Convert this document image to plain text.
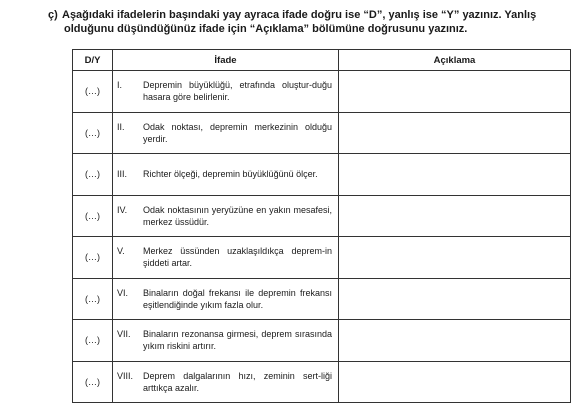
ç) Aşağıdaki ifadelerin başındaki yay ayraca ifade doğru ise “D”, yanlış ise “Y” yazınız. Yanlış
olduğunu düşündüğünüz ifade için “Açıklama” bölümüne doğrusunu yazınız.
D/Y	İfade	Açıklama
(…)	I. Depremin büyüklüğü, etrafında oluştur-duğu hasara göre belirlenir.	

(…)	II. Odak noktası, depremin merkezinin olduğu yerdir.	

(…)	III. Richter ölçeği, depremin büyüklüğünü ölçer.	

(…)	IV. Odak noktasının yeryüzüne en yakın mesafesi, merkez üssüdür.	

(…)	V. Merkez üssünden uzaklaşıldıkça deprem-in şiddeti artar.	

(…)	VI. Binaların doğal frekansı ile depremin frekansı eşitlendiğinde yıkım fazla olur.	

(…)	VII. Binaların rezonansa girmesi, deprem sırasında yıkım riskini artırır.	

(…)	VIII. Deprem dalgalarının hızı, zeminin sert-liği arttıkça azalır.	
